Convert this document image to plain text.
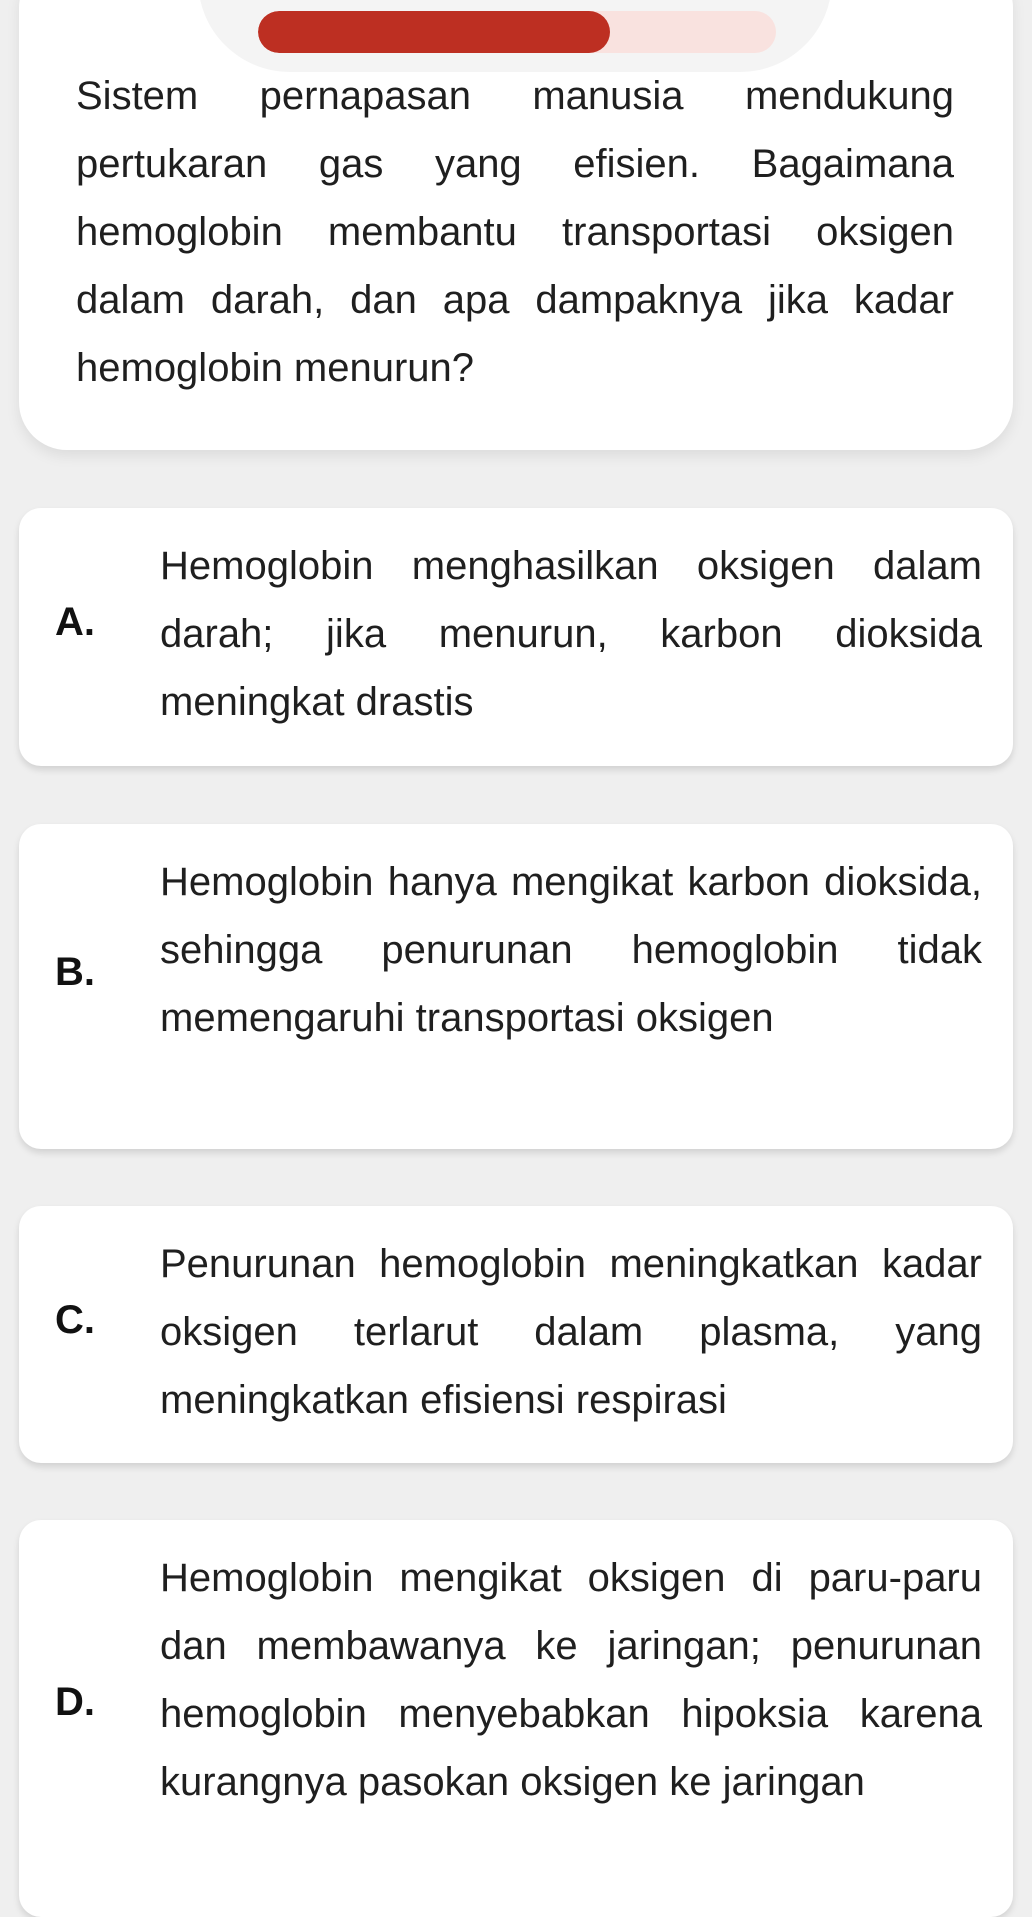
Sistem pernapasan manusia mendukung pertukaran gas yang efisien. Bagaimana hemoglobin membantu transportasi oksigen dalam darah, dan apa dampaknya jika kadar hemoglobin menurun?
A.
Hemoglobin menghasilkan oksigen dalam darah; jika menurun, karbon dioksida meningkat drastis
B.
Hemoglobin hanya mengikat karbon dioksida, sehingga penurunan hemoglobin tidak memengaruhi transportasi oksigen
C.
Penurunan hemoglobin meningkatkan kadar oksigen terlarut dalam plasma, yang meningkatkan efisiensi respirasi
D.
Hemoglobin mengikat oksigen di paru-paru dan membawanya ke jaringan; penurunan hemoglobin menyebabkan hipoksia karena kurangnya pasokan oksigen ke jaringan
